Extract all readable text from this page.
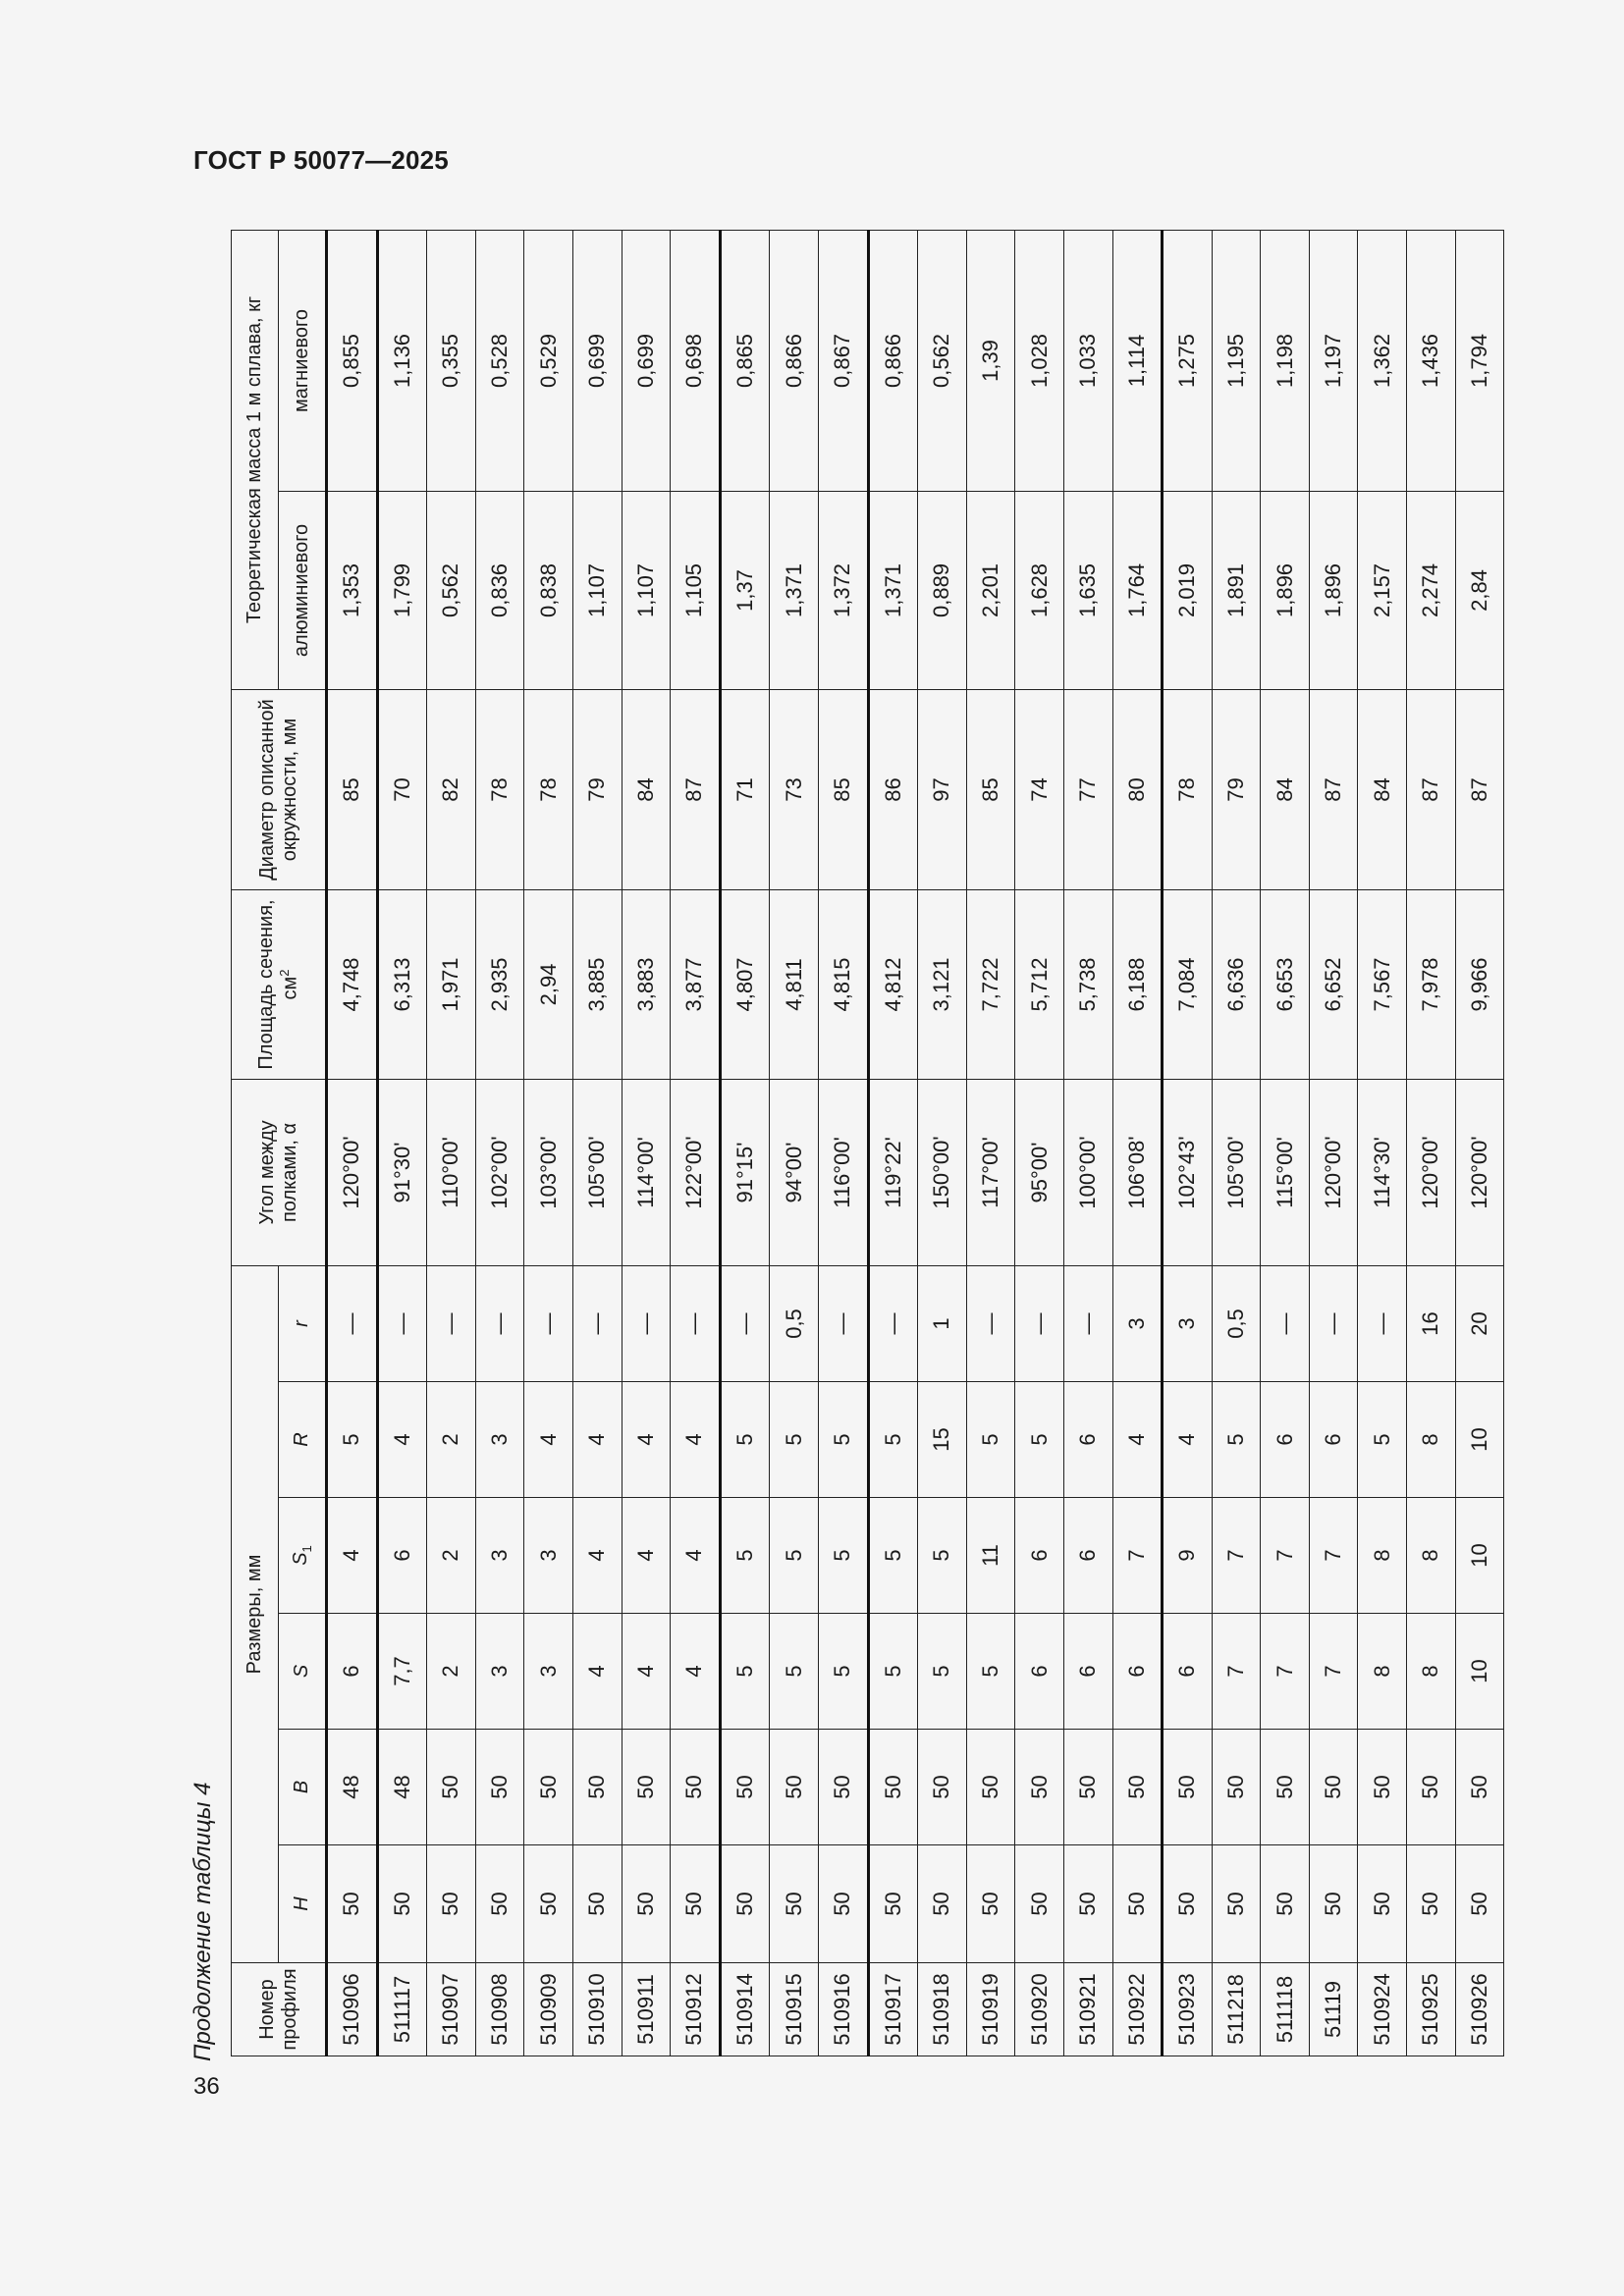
ГОСТ Р 50077—2025
Продолжение таблицы 4
36
Номер профиля	Размеры, мм						Угол между полками, α	Площадь сечения, $см^2$	Диаметр описанной окружности, мм	Теоретическая масса 1 м сплава, кг	
	H	B	S	$S_1$	R	r				алюминиевого	магниевого
510906	50	48	6	4	5	—	120°00'	4,748	85	1,353	0,855
511117	50	48	7,7	6	4	—	91°30'	6,313	70	1,799	1,136
510907	50	50	2	2	2	—	110°00'	1,971	82	0,562	0,355
510908	50	50	3	3	3	—	102°00'	2,935	78	0,836	0,528
510909	50	50	3	3	4	—	103°00'	2,94	78	0,838	0,529
510910	50	50	4	4	4	—	105°00'	3,885	79	1,107	0,699
510911	50	50	4	4	4	—	114°00'	3,883	84	1,107	0,699
510912	50	50	4	4	4	—	122°00'	3,877	87	1,105	0,698
510914	50	50	5	5	5	—	91°15'	4,807	71	1,37	0,865
510915	50	50	5	5	5	0,5	94°00'	4,811	73	1,371	0,866
510916	50	50	5	5	5	—	116°00'	4,815	85	1,372	0,867
510917	50	50	5	5	5	—	119°22'	4,812	86	1,371	0,866
510918	50	50	5	5	15	1	150°00'	3,121	97	0,889	0,562
510919	50	50	5	11	5	—	117°00'	7,722	85	2,201	1,39
510920	50	50	6	6	5	—	95°00'	5,712	74	1,628	1,028
510921	50	50	6	6	6	—	100°00'	5,738	77	1,635	1,033
510922	50	50	6	7	4	3	106°08'	6,188	80	1,764	1,114
510923	50	50	6	9	4	3	102°43'	7,084	78	2,019	1,275
511218	50	50	7	7	5	0,5	105°00'	6,636	79	1,891	1,195
511118	50	50	7	7	6	—	115°00'	6,653	84	1,896	1,198
51119	50	50	7	7	6	—	120°00'	6,652	87	1,896	1,197
510924	50	50	8	8	5	—	114°30'	7,567	84	2,157	1,362
510925	50	50	8	8	8	16	120°00'	7,978	87	2,274	1,436
510926	50	50	10	10	10	20	120°00'	9,966	87	2,84	1,794
